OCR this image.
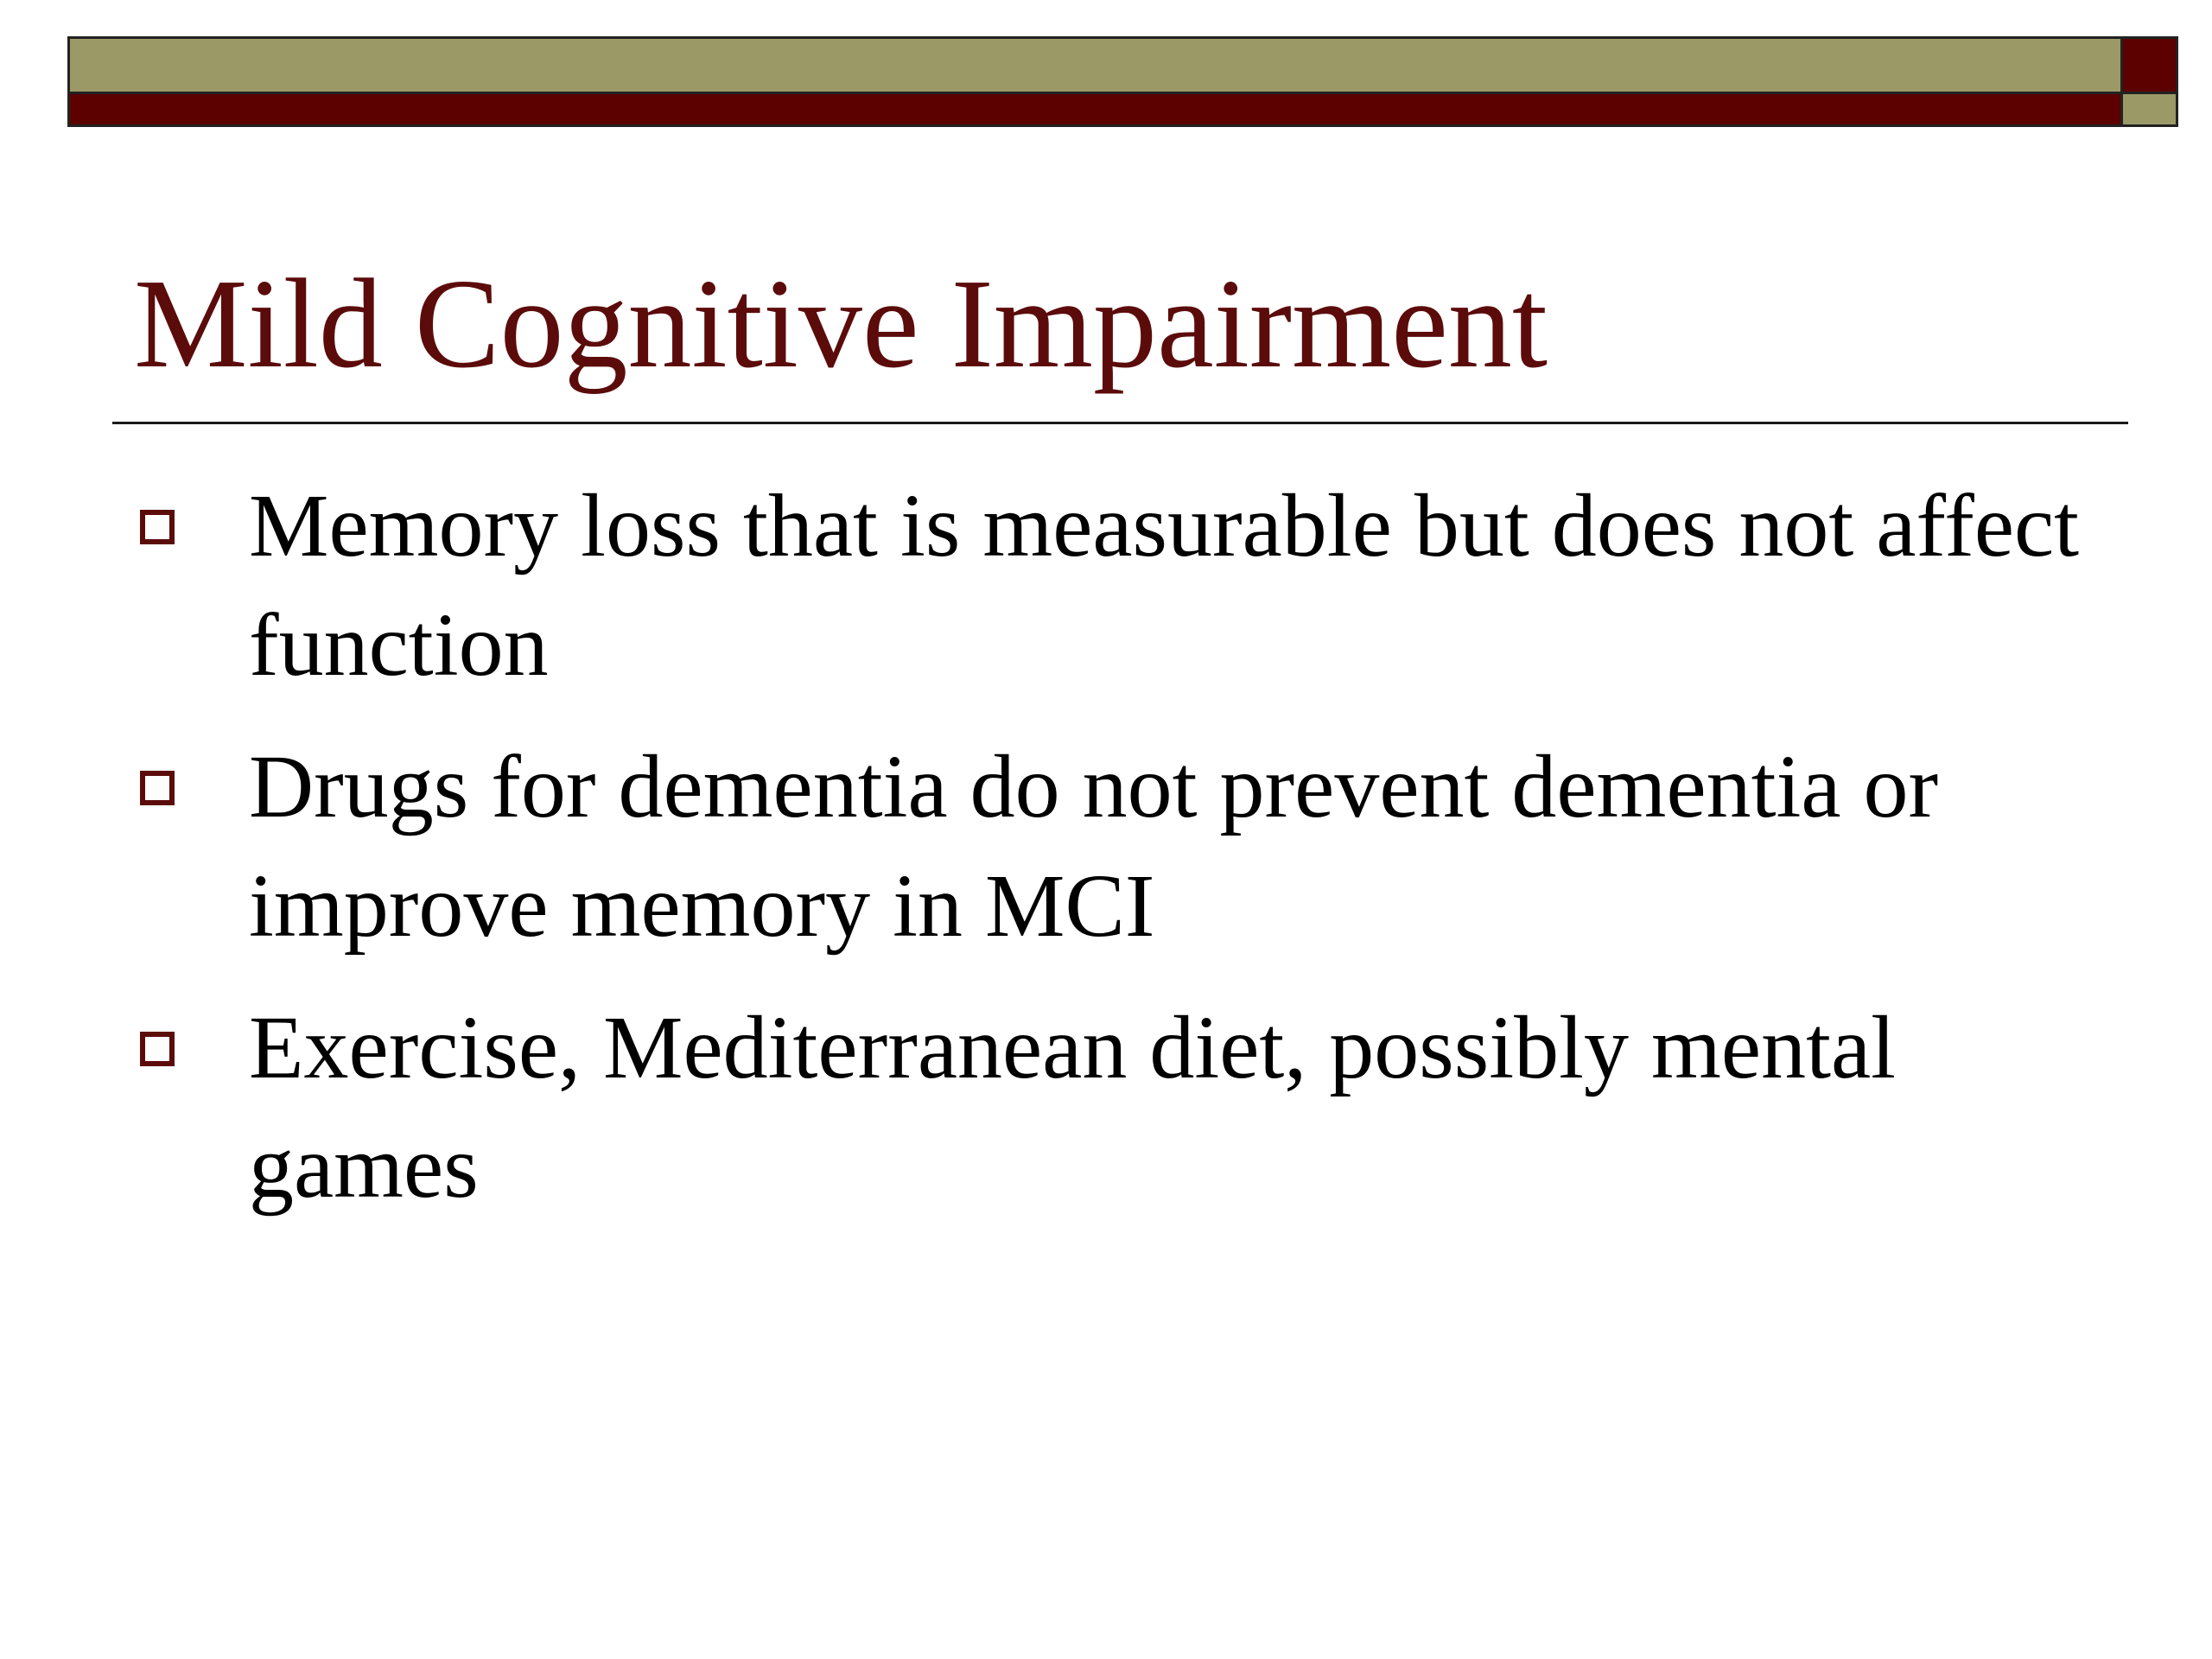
Mild Cognitive Impairment
Memory loss that is measurable but does not affect function
Drugs for dementia do not prevent dementia or improve memory in MCI
Exercise, Mediterranean diet, possibly mental games
